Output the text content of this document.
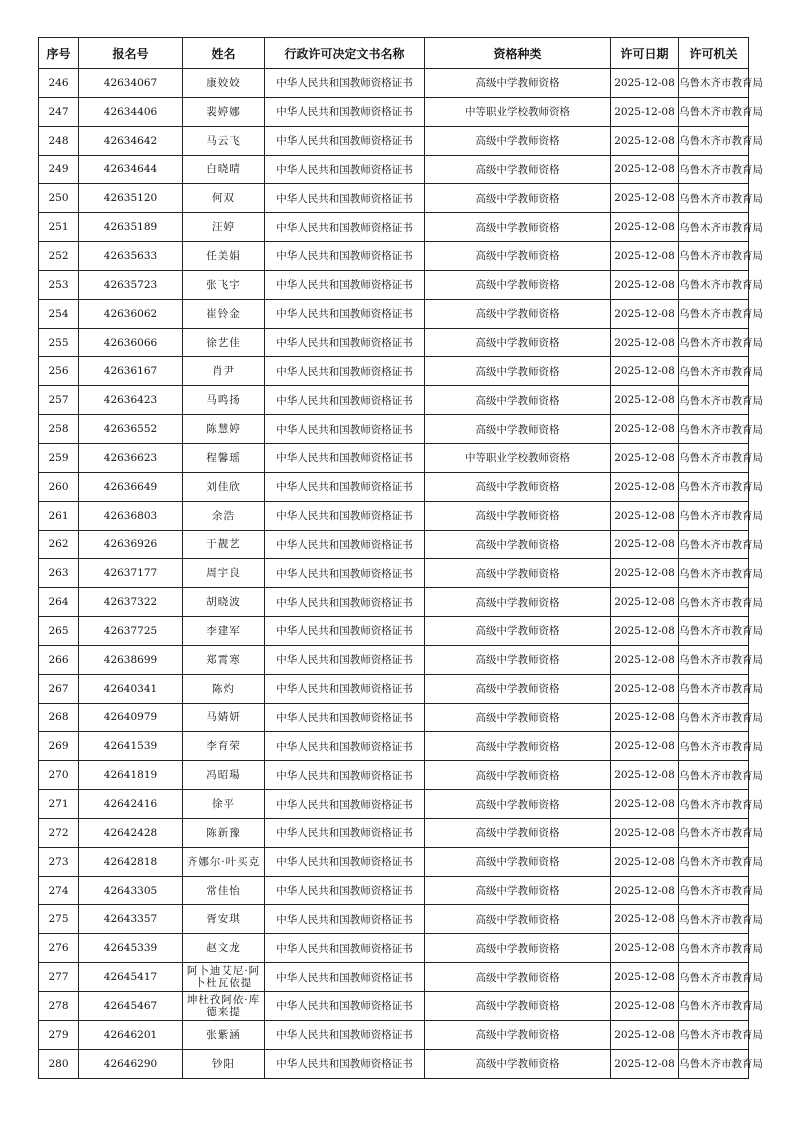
序号	报名号	姓名	行政许可决定文书名称	资格种类	许可日期	许可机关
246	42634067	康姣姣	中华人民共和国教师资格证书	高级中学教师资格	2025-12-08	乌鲁木齐市教育局
247	42634406	裴婷娜	中华人民共和国教师资格证书	中等职业学校教师资格	2025-12-08	乌鲁木齐市教育局
248	42634642	马云飞	中华人民共和国教师资格证书	高级中学教师资格	2025-12-08	乌鲁木齐市教育局
249	42634644	白晓晴	中华人民共和国教师资格证书	高级中学教师资格	2025-12-08	乌鲁木齐市教育局
250	42635120	何双	中华人民共和国教师资格证书	高级中学教师资格	2025-12-08	乌鲁木齐市教育局
251	42635189	汪婷	中华人民共和国教师资格证书	高级中学教师资格	2025-12-08	乌鲁木齐市教育局
252	42635633	任美娟	中华人民共和国教师资格证书	高级中学教师资格	2025-12-08	乌鲁木齐市教育局
253	42635723	张飞宇	中华人民共和国教师资格证书	高级中学教师资格	2025-12-08	乌鲁木齐市教育局
254	42636062	崔铃金	中华人民共和国教师资格证书	高级中学教师资格	2025-12-08	乌鲁木齐市教育局
255	42636066	徐艺佳	中华人民共和国教师资格证书	高级中学教师资格	2025-12-08	乌鲁木齐市教育局
256	42636167	肖尹	中华人民共和国教师资格证书	高级中学教师资格	2025-12-08	乌鲁木齐市教育局
257	42636423	马鸣扬	中华人民共和国教师资格证书	高级中学教师资格	2025-12-08	乌鲁木齐市教育局
258	42636552	陈慧婷	中华人民共和国教师资格证书	高级中学教师资格	2025-12-08	乌鲁木齐市教育局
259	42636623	程馨瑶	中华人民共和国教师资格证书	中等职业学校教师资格	2025-12-08	乌鲁木齐市教育局
260	42636649	刘佳欣	中华人民共和国教师资格证书	高级中学教师资格	2025-12-08	乌鲁木齐市教育局
261	42636803	余浩	中华人民共和国教师资格证书	高级中学教师资格	2025-12-08	乌鲁木齐市教育局
262	42636926	于靓艺	中华人民共和国教师资格证书	高级中学教师资格	2025-12-08	乌鲁木齐市教育局
263	42637177	周宇良	中华人民共和国教师资格证书	高级中学教师资格	2025-12-08	乌鲁木齐市教育局
264	42637322	胡晓波	中华人民共和国教师资格证书	高级中学教师资格	2025-12-08	乌鲁木齐市教育局
265	42637725	李建军	中华人民共和国教师资格证书	高级中学教师资格	2025-12-08	乌鲁木齐市教育局
266	42638699	郑霄寒	中华人民共和国教师资格证书	高级中学教师资格	2025-12-08	乌鲁木齐市教育局
267	42640341	陈灼	中华人民共和国教师资格证书	高级中学教师资格	2025-12-08	乌鲁木齐市教育局
268	42640979	马婧妍	中华人民共和国教师资格证书	高级中学教师资格	2025-12-08	乌鲁木齐市教育局
269	42641539	李育荣	中华人民共和国教师资格证书	高级中学教师资格	2025-12-08	乌鲁木齐市教育局
270	42641819	冯昭瑒	中华人民共和国教师资格证书	高级中学教师资格	2025-12-08	乌鲁木齐市教育局
271	42642416	徐平	中华人民共和国教师资格证书	高级中学教师资格	2025-12-08	乌鲁木齐市教育局
272	42642428	陈新豫	中华人民共和国教师资格证书	高级中学教师资格	2025-12-08	乌鲁木齐市教育局
273	42642818	齐娜尔·叶买克	中华人民共和国教师资格证书	高级中学教师资格	2025-12-08	乌鲁木齐市教育局
274	42643305	常佳怡	中华人民共和国教师资格证书	高级中学教师资格	2025-12-08	乌鲁木齐市教育局
275	42643357	胥安琪	中华人民共和国教师资格证书	高级中学教师资格	2025-12-08	乌鲁木齐市教育局
276	42645339	赵文龙	中华人民共和国教师资格证书	高级中学教师资格	2025-12-08	乌鲁木齐市教育局
277	42645417	阿卜迪艾尼·阿卜杜瓦依提	中华人民共和国教师资格证书	高级中学教师资格	2025-12-08	乌鲁木齐市教育局
278	42645467	坤杜孜阿依·库德来提	中华人民共和国教师资格证书	高级中学教师资格	2025-12-08	乌鲁木齐市教育局
279	42646201	张紫涵	中华人民共和国教师资格证书	高级中学教师资格	2025-12-08	乌鲁木齐市教育局
280	42646290	钞阳	中华人民共和国教师资格证书	高级中学教师资格	2025-12-08	乌鲁木齐市教育局
